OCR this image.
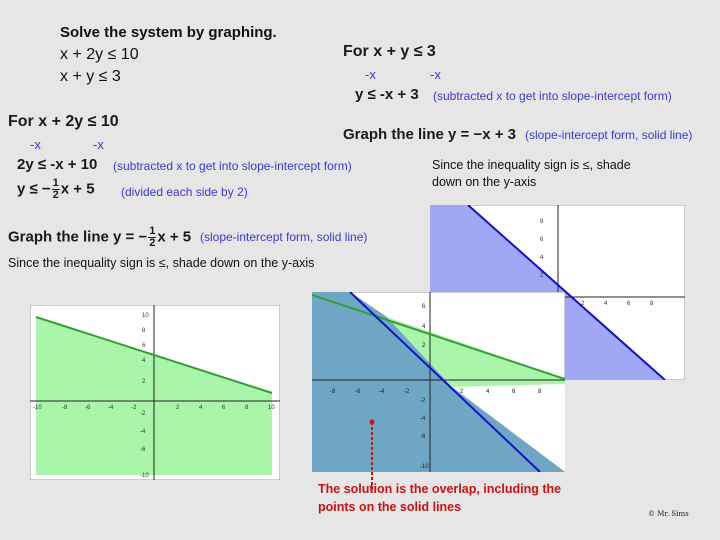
Solve the system by graphing.
x + 2y ≤ 10
x + y ≤ 3
For x + y ≤ 3
-x	-x
y ≤ -x + 3 (subtracted x to get into slope-intercept form)
Graph the line y = −x + 3 (slope-intercept form, solid line)
Since the inequality sign is ≤, shade down on the y-axis
For x + 2y ≤ 10
-x	-x
2y ≤ -x + 10 (subtracted x to get into slope-intercept form)
y ≤ − $\frac{1}{2}$ x + 5 (divided each side by 2)
Graph the line y = − $\frac{1}{2}$ x + 5 (slope-intercept form, solid line)
Since the inequality sign is ≤, shade down on the y-axis
8
6
4
2
2	4	6	8
10
8
6
4
2
-2
-4
-6
-10
-10	-8	-6	-4	-2	2	4	6	8	10
6
4
2
-2
-4
-6
-10
-8	-6	-4	-2	2	4	6	8
The solution is the overlap, including the points on the solid lines	© Mr. Sims
